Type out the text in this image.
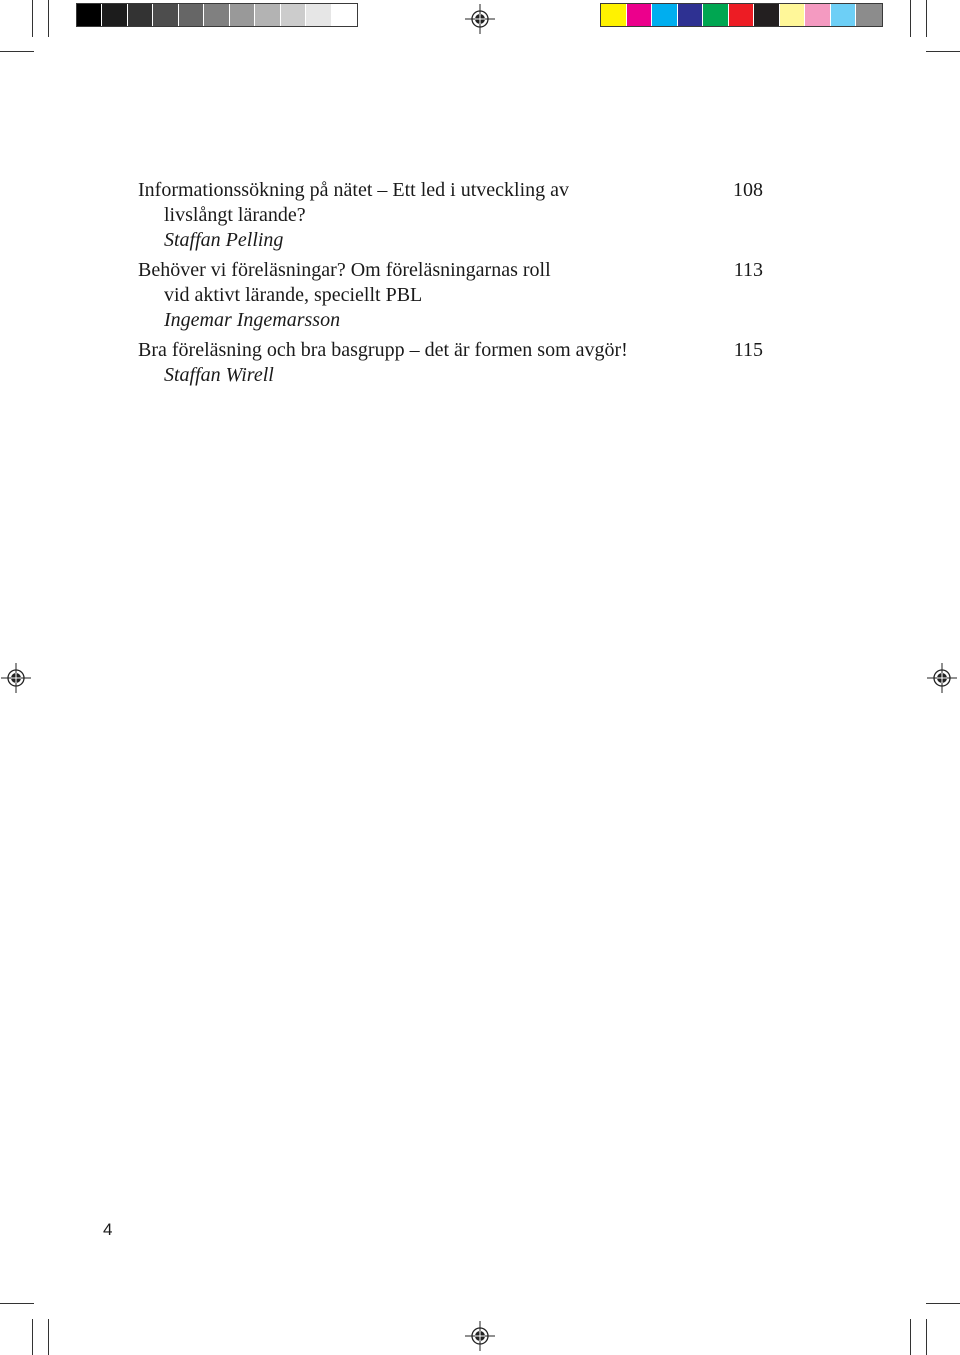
Informationssökning på nätet – Ett led i utveckling av
livslångt lärande?
Staffan Pelling
108
Behöver vi föreläsningar? Om föreläsningarnas roll
vid aktivt lärande, speciellt PBL
Ingemar Ingemarsson
113
Bra föreläsning och bra basgrupp – det är formen som avgör!
Staffan Wirell
115
4
